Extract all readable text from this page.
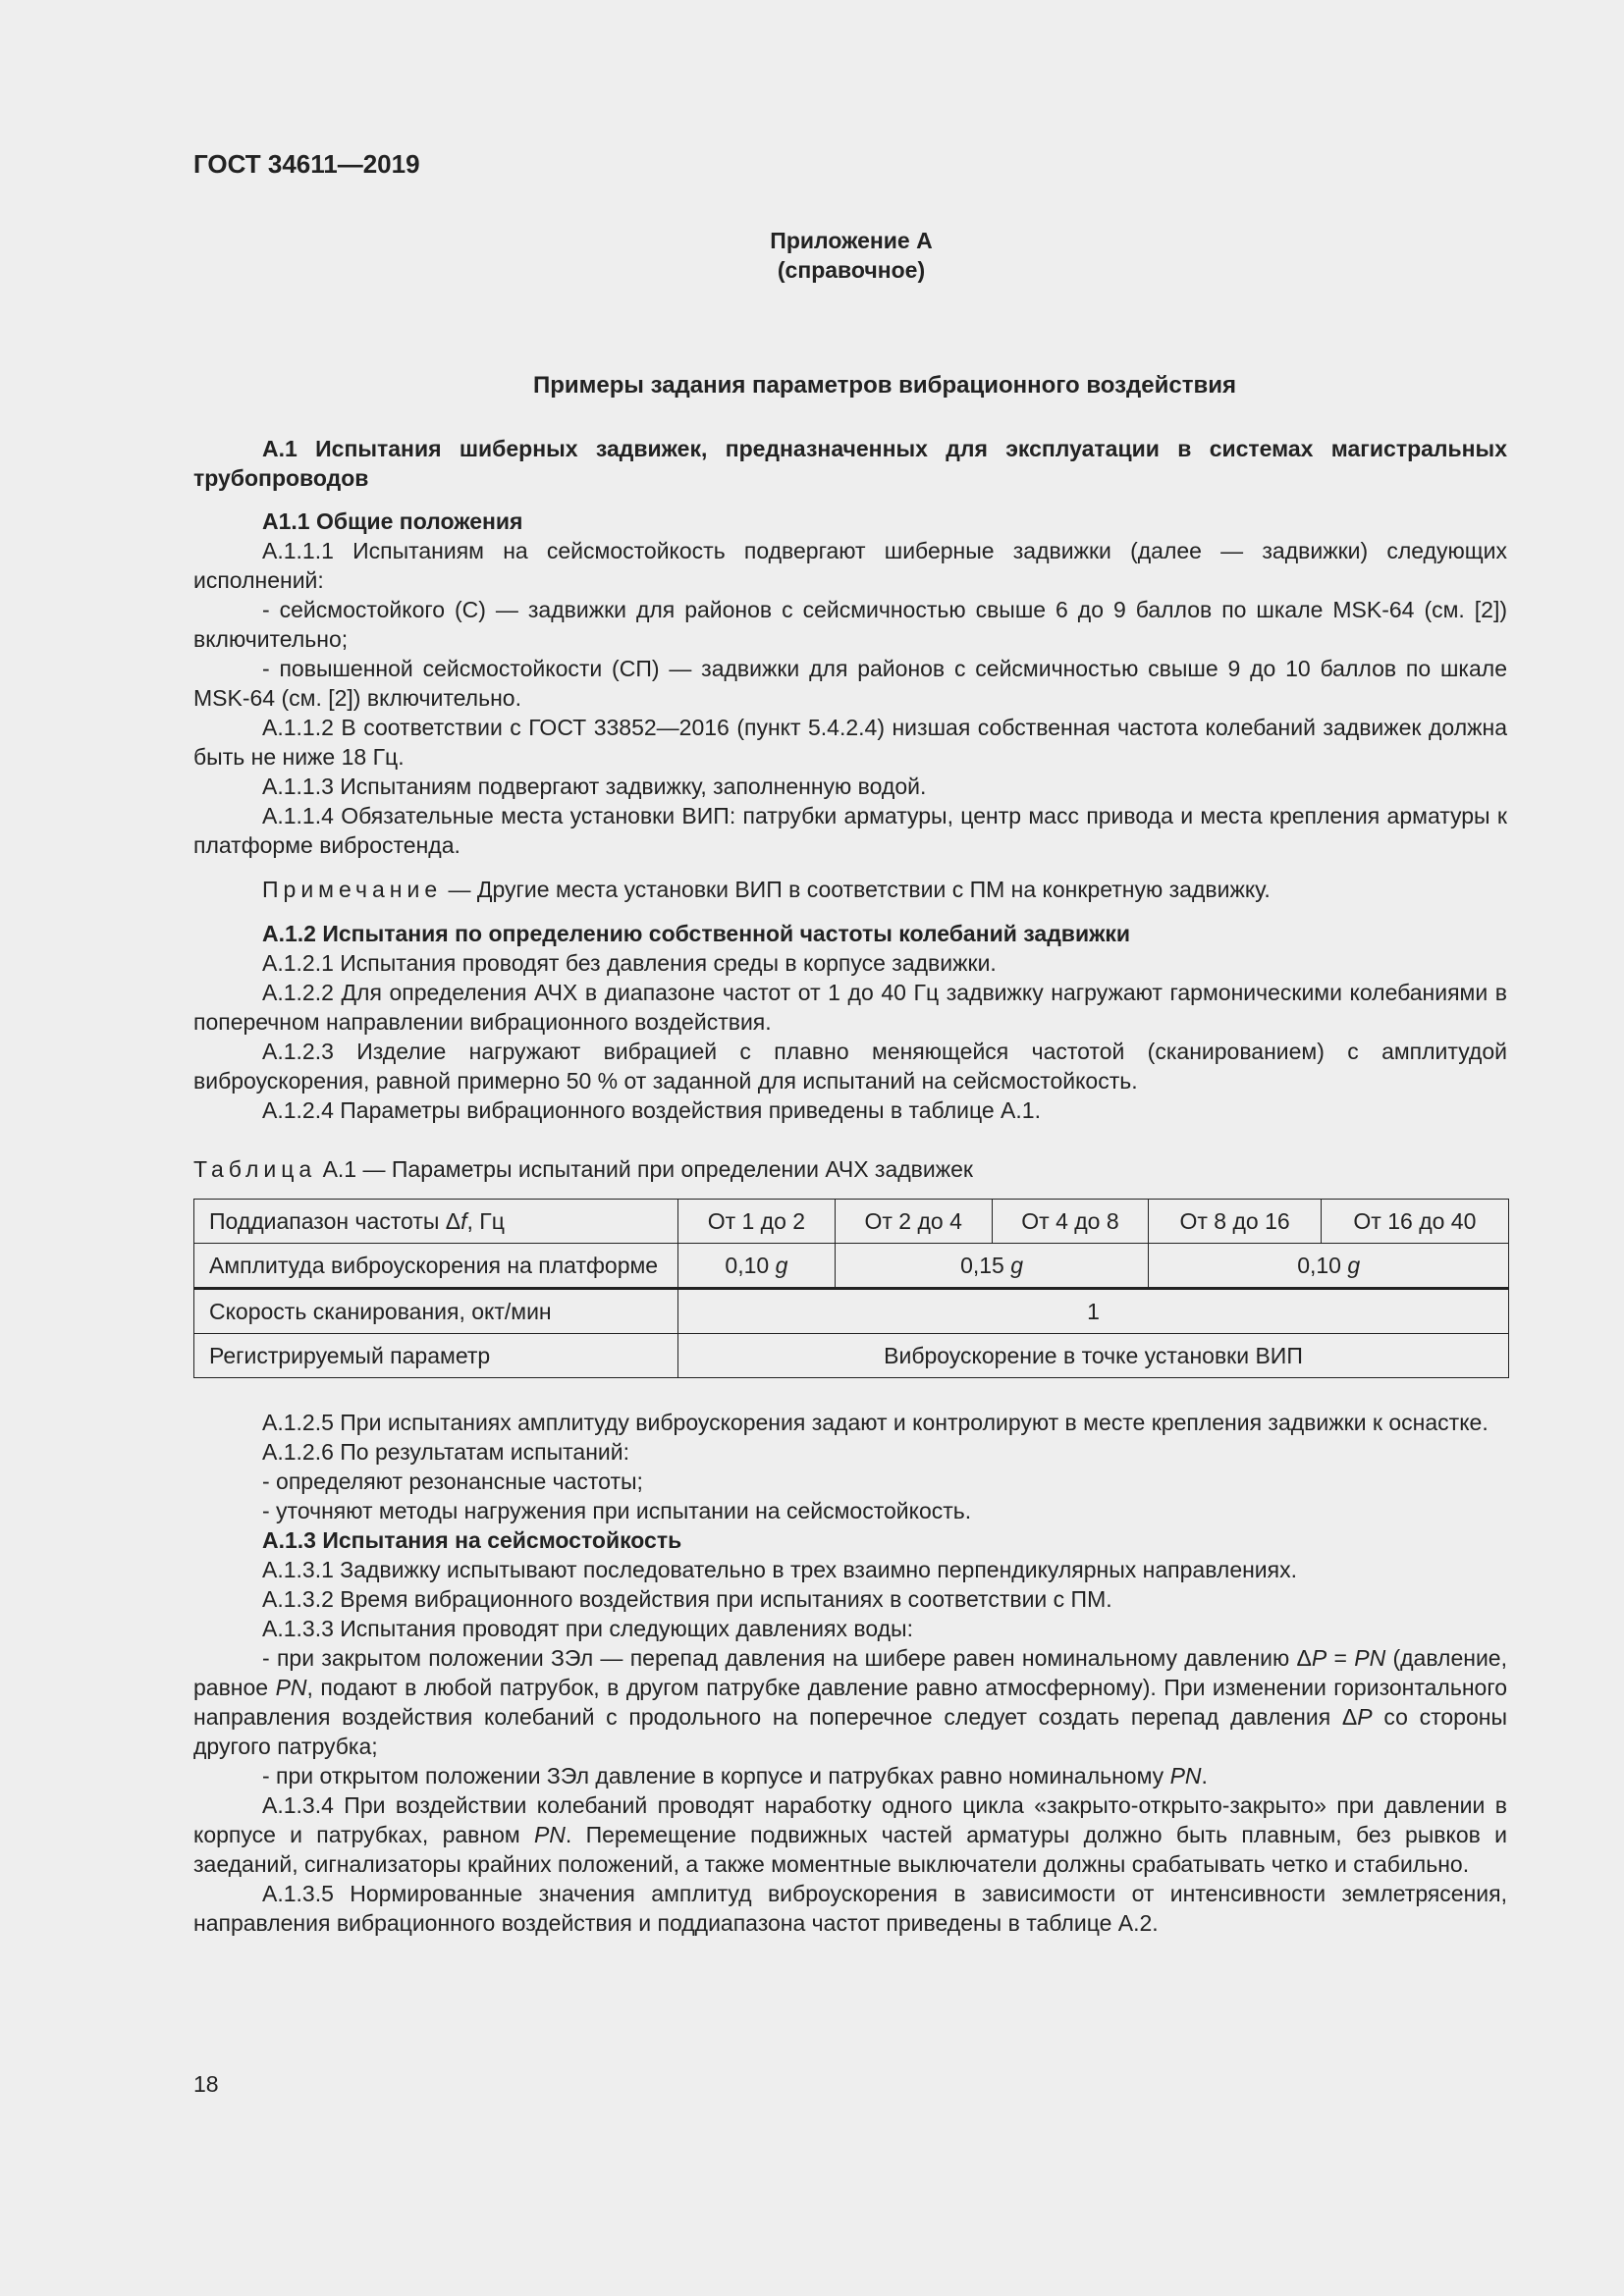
ГОСТ 34611—2019
Приложение А
(справочное)

Примеры задания параметров вибрационного воздействия

А.1 Испытания шиберных задвижек, предназначенных для эксплуатации в системах магистральных трубопроводов

А1.1 Общие положения

А.1.1.1 Испытаниям на сейсмостойкость подвергают шиберные задвижки (далее — задвижки) следующих исполнений:

- сейсмостойкого (С) — задвижки для районов с сейсмичностью свыше 6 до 9 баллов по шкале MSK-64 (см. [2]) включительно;

- повышенной сейсмостойкости (СП) — задвижки для районов с сейсмичностью свыше 9 до 10 баллов по шкале MSK-64 (см. [2]) включительно.

А.1.1.2 В соответствии с ГОСТ 33852—2016 (пункт 5.4.2.4) низшая собственная частота колебаний задвижек должна быть не ниже 18 Гц.

А.1.1.3 Испытаниям подвергают задвижку, заполненную водой.

А.1.1.4 Обязательные места установки ВИП: патрубки арматуры, центр масс привода и места крепления арматуры к платформе вибростенда.

Примечание — Другие места установки ВИП в соответствии с ПМ на конкретную задвижку.

А.1.2 Испытания по определению собственной частоты колебаний задвижки

А.1.2.1 Испытания проводят без давления среды в корпусе задвижки.

А.1.2.2 Для определения АЧХ в диапазоне частот от 1 до 40 Гц задвижку нагружают гармоническими колебаниями в поперечном направлении вибрационного воздействия.

А.1.2.3 Изделие нагружают вибрацией с плавно меняющейся частотой (сканированием) с амплитудой виброускорения, равной примерно 50 % от заданной для испытаний на сейсмостойкость.

А.1.2.4 Параметры вибрационного воздействия приведены в таблице А.1.

Таблица А.1 — Параметры испытаний при определении АЧХ задвижек

Поддиапазон частоты Δf, Гц	От 1 до 2	От 2 до 4	От 4 до 8	От 8 до 16	От 16 до 40
Амплитуда виброускорения на платформе	0,10 g	0,15 g		0,10 g	
Скорость сканирования, окт/мин	1				
Регистрируемый параметр	Виброускорение в точке установки ВИП				

А.1.2.5 При испытаниях амплитуду виброускорения задают и контролируют в месте крепления задвижки к оснастке.

А.1.2.6 По результатам испытаний:

- определяют резонансные частоты;

- уточняют методы нагружения при испытании на сейсмостойкость.

А.1.3 Испытания на сейсмостойкость

А.1.3.1 Задвижку испытывают последовательно в трех взаимно перпендикулярных направлениях.

А.1.3.2 Время вибрационного воздействия при испытаниях в соответствии с ПМ.

А.1.3.3 Испытания проводят при следующих давлениях воды:

- при закрытом положении ЗЭл — перепад давления на шибере равен номинальному давлению ΔP = PN (давление, равное PN, подают в любой патрубок, в другом патрубке давление равно атмосферному). При изменении горизонтального направления воздействия колебаний с продольного на поперечное следует создать перепад давления ΔP со стороны другого патрубка;

- при открытом положении ЗЭл давление в корпусе и патрубках равно номинальному PN.

А.1.3.4 При воздействии колебаний проводят наработку одного цикла «закрыто-открыто-закрыто» при давлении в корпусе и патрубках, равном PN. Перемещение подвижных частей арматуры должно быть плавным, без рывков и заеданий, сигнализаторы крайних положений, а также моментные выключатели должны срабатывать четко и стабильно.

А.1.3.5 Нормированные значения амплитуд виброускорения в зависимости от интенсивности землетрясения, направления вибрационного воздействия и поддиапазона частот приведены в таблице А.2.

18
